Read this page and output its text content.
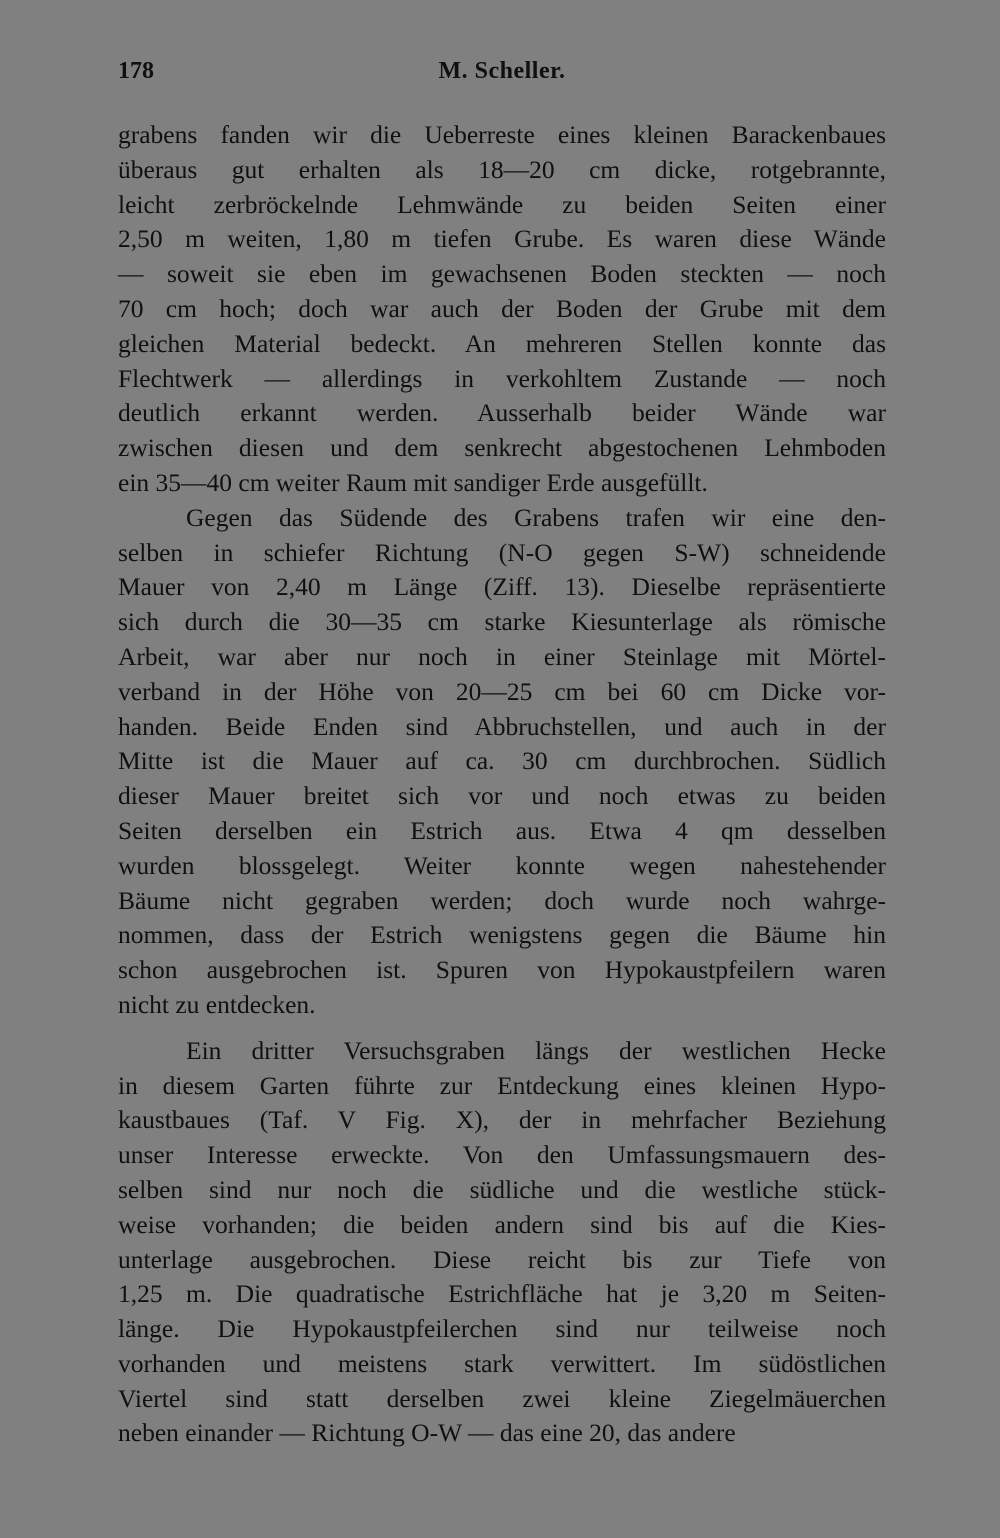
178	M. Scheller.
grabens fanden wir die Ueberreste eines kleinen Barackenbaues
überaus gut erhalten als 18—20 cm dicke, rotgebrannte,
leicht zerbröckelnde Lehmwände zu beiden Seiten einer
2,50 m weiten, 1,80 m tiefen Grube. Es waren diese Wände
— soweit sie eben im gewachsenen Boden steckten — noch
70 cm hoch; doch war auch der Boden der Grube mit dem
gleichen Material bedeckt. An mehreren Stellen konnte das
Flechtwerk — allerdings in verkohltem Zustande — noch
deutlich erkannt werden. Ausserhalb beider Wände war
zwischen diesen und dem senkrecht abgestochenen Lehmboden
ein 35—40 cm weiter Raum mit sandiger Erde ausgefüllt.
Gegen das Südende des Grabens trafen wir eine den-
selben in schiefer Richtung (N-O gegen S-W) schneidende
Mauer von 2,40 m Länge (Ziff. 13). Dieselbe repräsentierte
sich durch die 30—35 cm starke Kiesunterlage als römische
Arbeit, war aber nur noch in einer Steinlage mit Mörtel-
verband in der Höhe von 20—25 cm bei 60 cm Dicke vor-
handen. Beide Enden sind Abbruchstellen, und auch in der
Mitte ist die Mauer auf ca. 30 cm durchbrochen. Südlich
dieser Mauer breitet sich vor und noch etwas zu beiden
Seiten derselben ein Estrich aus. Etwa 4 qm desselben
wurden blossgelegt. Weiter konnte wegen nahestehender
Bäume nicht gegraben werden; doch wurde noch wahrge-
nommen, dass der Estrich wenigstens gegen die Bäume hin
schon ausgebrochen ist. Spuren von Hypokaustpfeilern waren
nicht zu entdecken.
Ein dritter Versuchsgraben längs der westlichen Hecke
in diesem Garten führte zur Entdeckung eines kleinen Hypo-
kaustbaues (Taf. V Fig. X), der in mehrfacher Beziehung
unser Interesse erweckte. Von den Umfassungsmauern des-
selben sind nur noch die südliche und die westliche stück-
weise vorhanden; die beiden andern sind bis auf die Kies-
unterlage ausgebrochen. Diese reicht bis zur Tiefe von
1,25 m. Die quadratische Estrichfläche hat je 3,20 m Seiten-
länge. Die Hypokaustpfeilerchen sind nur teilweise noch
vorhanden und meistens stark verwittert. Im südöstlichen
Viertel sind statt derselben zwei kleine Ziegelmäuerchen
neben einander — Richtung O-W — das eine 20, das andere
